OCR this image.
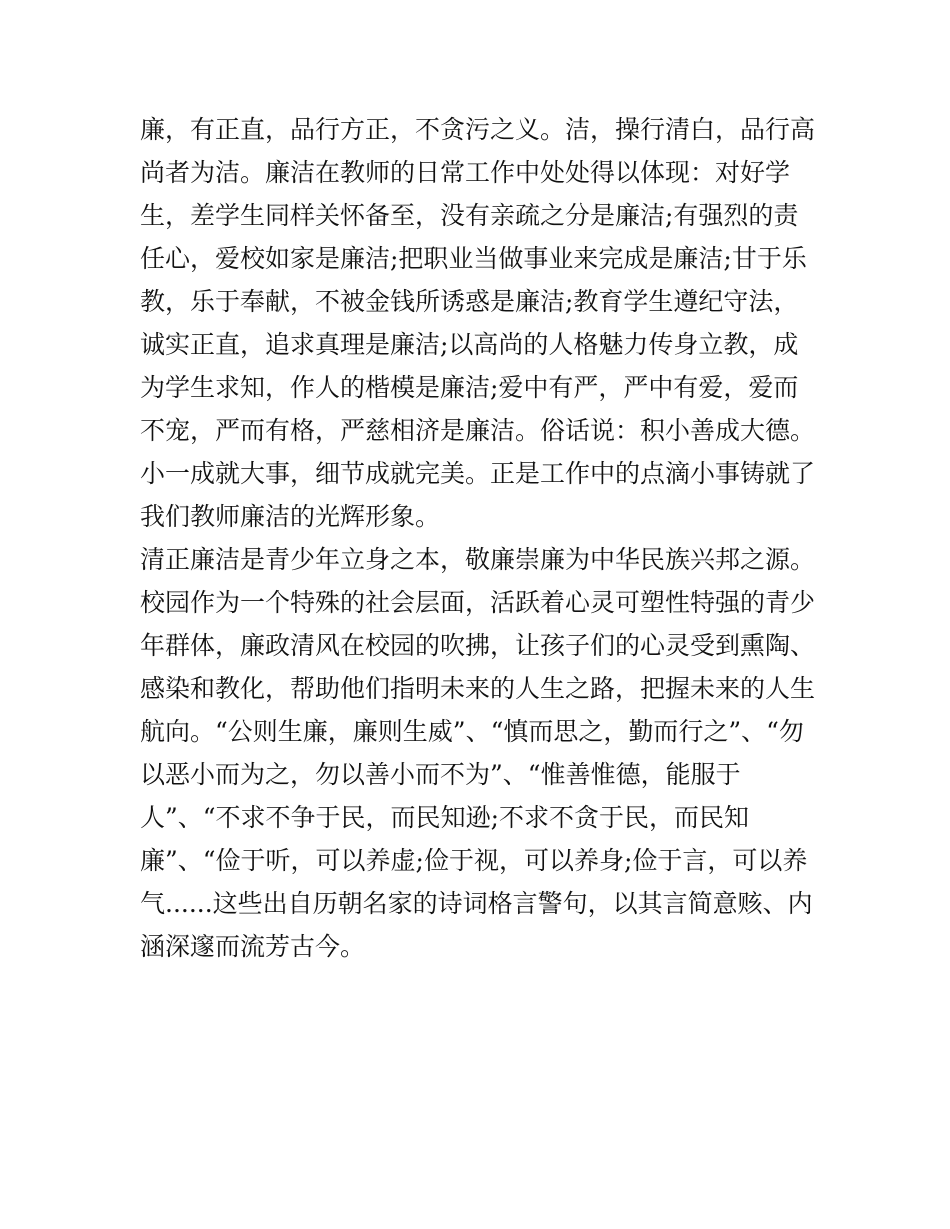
廉，有正直，品行方正，不贪污之义。洁，操行清白，品行高
尚者为洁。廉洁在教师的日常工作中处处得以体现：对好学
生，差学生同样关怀备至，没有亲疏之分是廉洁;有强烈的责
任心，爱校如家是廉洁;把职业当做事业来完成是廉洁;甘于乐
教，乐于奉献，不被金钱所诱惑是廉洁;教育学生遵纪守法，
诚实正直，追求真理是廉洁;以高尚的人格魅力传身立教，成
为学生求知，作人的楷模是廉洁;爱中有严，严中有爱，爱而
不宠，严而有格，严慈相济是廉洁。俗话说：积小善成大德。
小一成就大事，细节成就完美。正是工作中的点滴小事铸就了
我们教师廉洁的光辉形象。
清正廉洁是青少年立身之本，敬廉崇廉为中华民族兴邦之源。
校园作为一个特殊的社会层面，活跃着心灵可塑性特强的青少
年群体，廉政清风在校园的吹拂，让孩子们的心灵受到熏陶、
感染和教化，帮助他们指明未来的人生之路，把握未来的人生
航向。“公则生廉，廉则生威”、“慎而思之，勤而行之”、“勿
以恶小而为之，勿以善小而不为”、“惟善惟德，能服于
人”、“不求不争于民，而民知逊;不求不贪于民，而民知
廉”、“俭于听，可以养虚;俭于视，可以养身;俭于言，可以养
气......这些出自历朝名家的诗词格言警句，以其言简意赅、内
涵深邃而流芳古今。
